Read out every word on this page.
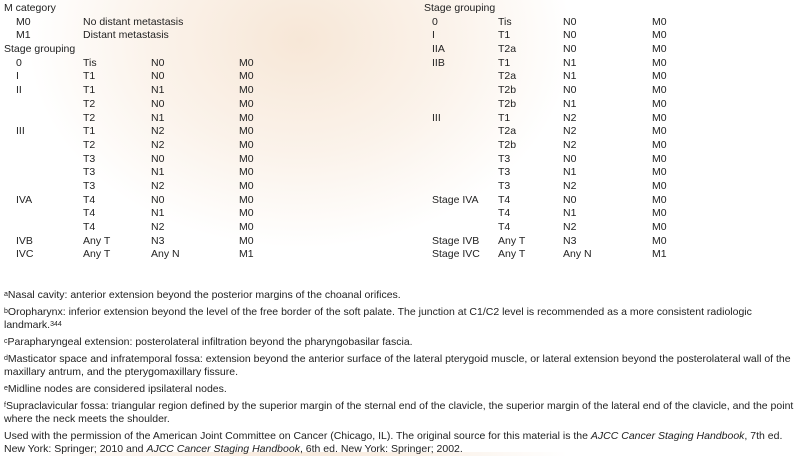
M category
M0	No distant metastasis
M1	Distant metastasis
Stage grouping
0	Tis	N0	M0
I	T1	N0	M0
II	T1	N1	M0
T2	N0	M0
T2	N1	M0
III	T1	N2	M0
T2	N2	M0
T3	N0	M0
T3	N1	M0
T3	N2	M0
IVA	T4	N0	M0
T4	N1	M0
T4	N2	M0
IVB	Any T	N3	M0
IVC	Any T	Any N	M1
Stage grouping
0	Tis	N0	M0
I	T1	N0	M0
IIA	T2a	N0	M0
IIB	T1	N1	M0
T2a	N1	M0
T2b	N0	M0
T2b	N1	M0
III	T1	N2	M0
T2a	N2	M0
T2b	N2	M0
T3	N0	M0
T3	N1	M0
T3	N2	M0
Stage IVA T4	N0	M0
T4	N1	M0
T4	N2	M0
Stage IVB Any T	N3	M0
Stage IVC Any T	Any N	M1
$^a$Nasal cavity: anterior extension beyond the posterior margins of the choanal orifices.
$^b$Oropharynx: inferior extension beyond the level of the free border of the soft palate. The junction at C1/C2 level is recommended as a more consistent radiologic landmark.$^{344}$
$^c$Parapharyngeal extension: posterolateral infiltration beyond the pharyngobasilar fascia.
$^d$Masticator space and infratemporal fossa: extension beyond the anterior surface of the lateral pterygoid muscle, or lateral extension beyond the posterolateral wall of the maxillary antrum, and the pterygomaxillary fissure.
$^e$Midline nodes are considered ipsilateral nodes.
$^f$Supraclavicular fossa: triangular region defined by the superior margin of the sternal end of the clavicle, the superior margin of the lateral end of the clavicle, and the point where the neck meets the shoulder.
Used with the permission of the American Joint Committee on Cancer (Chicago, IL). The original source for this material is the AJCC Cancer Staging Handbook, 7th ed. New York: Springer; 2010 and AJCC Cancer Staging Handbook, 6th ed. New York: Springer; 2002.
